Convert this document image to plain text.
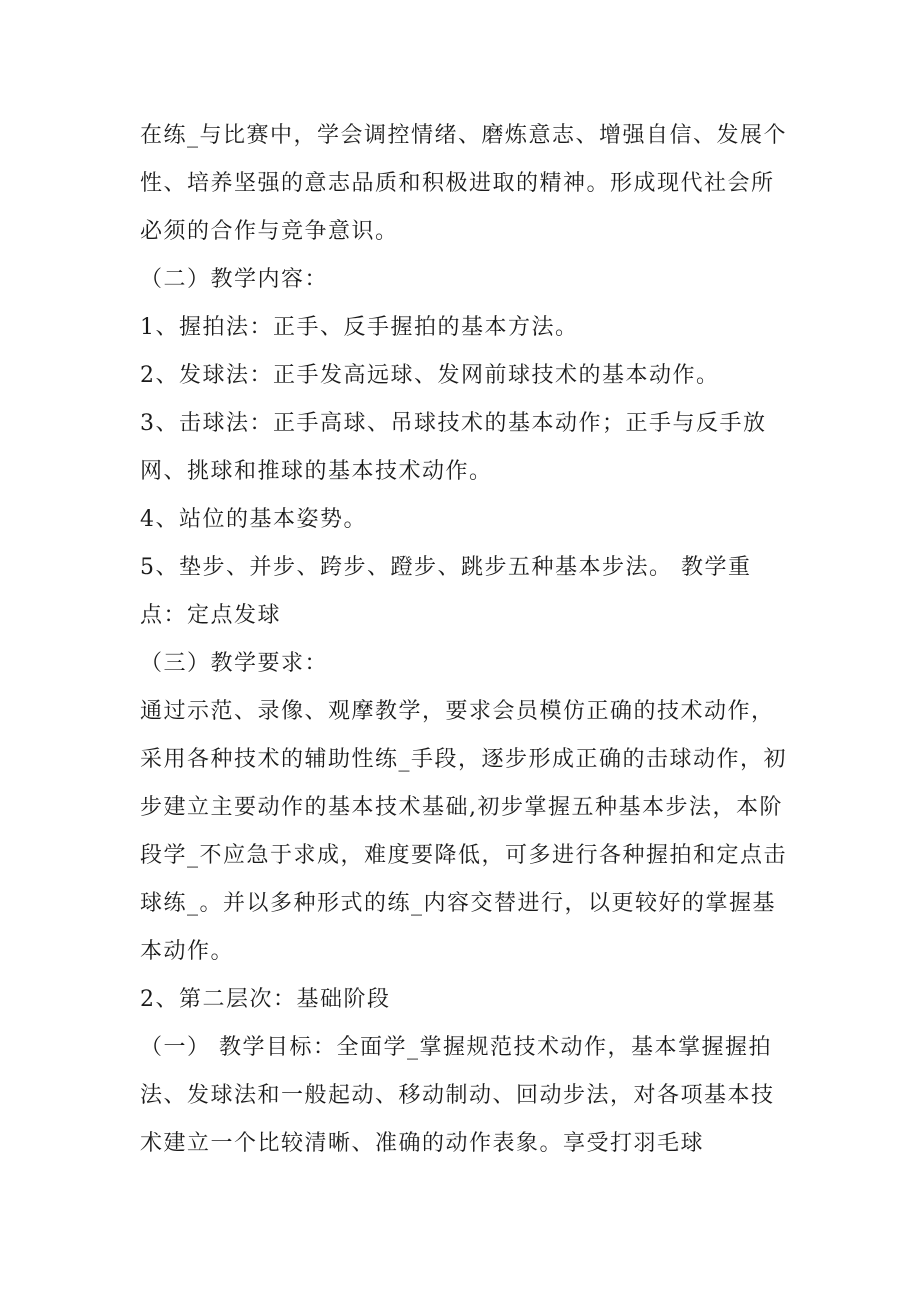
在练_与比赛中，学会调控情绪、磨炼意志、增强自信、发展个性、培养坚强的意志品质和积极进取的精神。形成现代社会所必须的合作与竞争意识。

（二）教学内容：

1、握拍法：正手、反手握拍的基本方法。

2、发球法：正手发高远球、发网前球技术的基本动作。

3、击球法：正手高球、吊球技术的基本动作；正手与反手放网、挑球和推球的基本技术动作。

4、站位的基本姿势。

5、垫步、并步、跨步、蹬步、跳步五种基本步法。 教学重点：定点发球

（三）教学要求：

通过示范、录像、观摩教学，要求会员模仿正确的技术动作，采用各种技术的辅助性练_手段，逐步形成正确的击球动作，初步建立主要动作的基本技术基础,初步掌握五种基本步法，本阶段学_不应急于求成，难度要降低，可多进行各种握拍和定点击球练_。并以多种形式的练_内容交替进行，以更较好的掌握基本动作。

2、第二层次：基础阶段

（一） 教学目标：全面学_掌握规范技术动作，基本掌握握拍法、发球法和一般起动、移动制动、回动步法，对各项基本技术建立一个比较清晰、准确的动作表象。享受打羽毛球
